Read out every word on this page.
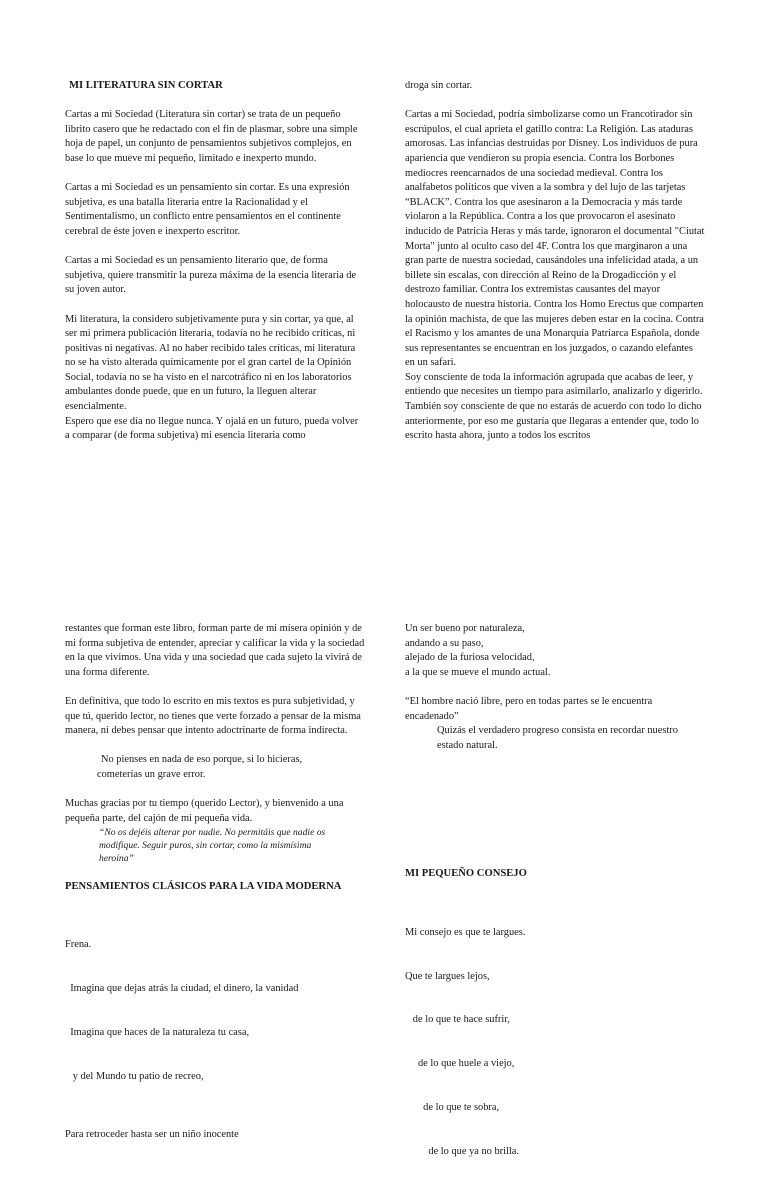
MI LITERATURA SIN CORTAR

Cartas a mi Sociedad (Literatura sin cortar) se trata de un pequeño librito casero que he redactado con el fin de plasmar, sobre una simple hoja de papel, un conjunto de pensamientos subjetivos complejos, en base lo que mueve mi pequeño, limitado e inexperto mundo.

Cartas a mi Sociedad es un pensamiento sin cortar. Es una expresión subjetiva, es una batalla literaria entre la Racionalidad y el Sentimentalismo, un conflicto entre pensamientos en el continente cerebral de éste joven e inexperto escritor.

Cartas a mi Sociedad es un pensamiento literario que, de forma subjetiva, quiere transmitir la pureza máxima de la esencia literaria de su joven autor.

Mi literatura, la considero subjetivamente pura y sin cortar, ya que, al ser mi primera publicación literaria, todavía no he recibido críticas, ni positivas ni negativas. Al no haber recibido tales críticas, mi literatura no se ha visto alterada químicamente por el gran cartel de la Opinión Social, todavía no se ha visto en el narcotráfico ni en los laboratorios ambulantes donde puede, que en un futuro, la lleguen alterar esencialmente.

Espero que ese día no llegue nunca. Y ojalá en un futuro, pueda volver a comparar (de forma subjetiva) mi esencia literaria como

droga sin cortar.

Cartas a mi Sociedad, podría simbolizarse como un Francotirador sin escrúpulos, el cual aprieta el gatillo contra: La Religión. Las ataduras amorosas. Las infancias destruidas por Disney. Los individuos de pura apariencia que vendieron su propia esencia. Contra los Borbones mediocres reencarnados de una sociedad medieval. Contra los analfabetos políticos que viven a la sombra y del lujo de las tarjetas “BLACK”. Contra los que asesinaron a la Democracia y más tarde violaron a la República. Contra a los que provocaron el asesinato inducido de Patricia Heras y más tarde, ignoraron el documental "Ciutat Morta" junto al oculto caso del 4F. Contra los que marginaron a una gran parte de nuestra sociedad, causándoles una infelicidad atada, a un billete sin escalas, con dirección al Reino de la Drogadicción y el destrozo familiar. Contra los extremistas causantes del mayor holocausto de nuestra historia. Contra los Homo Erectus que comparten la opinión machista, de que las mujeres deben estar en la cocina. Contra el Racismo y los amantes de una Monarquía Patriarca Española, donde sus representantes se encuentran en los juzgados, o cazando elefantes en un safari.

Soy consciente de toda la información agrupada que acabas de leer, y entiendo que necesites un tiempo para asimilarlo, analizarlo y digerirlo. También soy consciente de que no estarás de acuerdo con todo lo dicho anteriormente, por eso me gustaría que llegaras a entender que, todo lo escrito hasta ahora, junto a todos los escritos

restantes que forman este libro, forman parte de mi mísera opinión y de mi forma subjetiva de entender, apreciar y calificar la vida y la sociedad en la que vivimos. Una vida y una sociedad que cada sujeto la vivirá de una forma diferente.

En definitiva, que todo lo escrito en mis textos es pura subjetividad, y que tú, querido lector, no tienes que verte forzado a pensar de la misma manera, ni debes pensar que intento adoctrinarte de forma indirecta.

No pienses en nada de eso porque, si lo hicieras,

cometerías un grave error.

Muchas gracias por tu tiempo (querido Lector), y bienvenido a una pequeña parte, del cajón de mi pequeña vida.

“No os dejéis alterar por nadie. No permitáis que nadie os modifique. Seguir puros, sin cortar, como la mismísima heroína”

PENSAMIENTOS CLÁSICOS PARA LA VIDA MODERNA

Frena.

Imagina que dejas atrás la ciudad, el dinero, la vanidad

Imagina que haces de la naturaleza tu casa,

y del Mundo tu patio de recreo,

Para retroceder hasta ser un niño inocente

Un ser bueno por naturaleza,
andando a su paso,
alejado de la furiosa velocidad,
a la que se mueve el mundo actual.

“El hombre nació libre, pero en todas partes se le encuentra encadenado”

Quizás el verdadero progreso consista en recordar nuestro estado natural.

MI PEQUEÑO CONSEJO

Mi consejo es que te largues.

Que te largues lejos,

de lo que te hace sufrir,

de lo que huele a viejo,

de lo que te sobra,

de lo que ya no brilla.
